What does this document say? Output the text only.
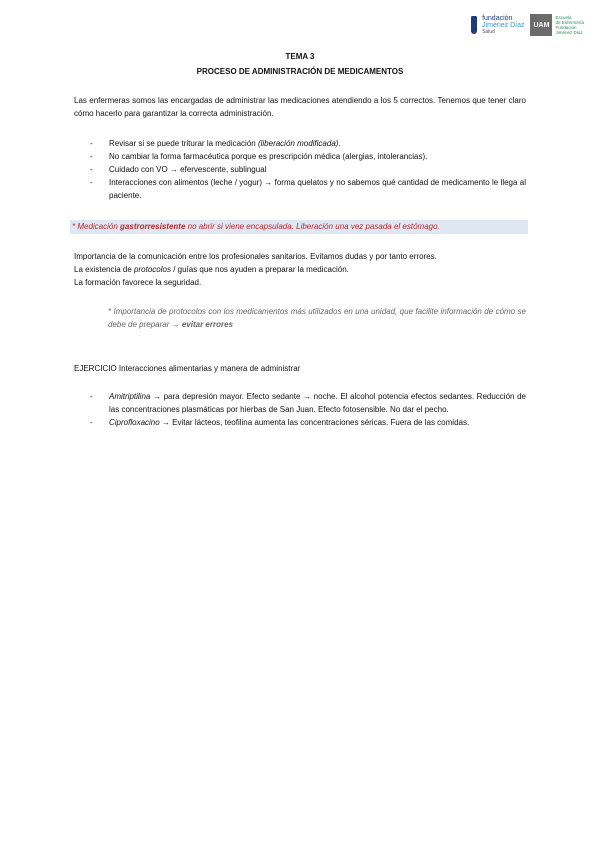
fundación
Jiménez Díaz
Salud
UAM
Escuela
de Enfermería
Fundación
Jiménez Díaz
TEMA 3
PROCESO DE ADMINISTRACIÓN DE MEDICAMENTOS
Las enfermeras somos las encargadas de administrar las medicaciones atendiendo a los 5 correctos. Tenemos que tener claro cómo hacerlo para garantizar la correcta administración.
- Revisar si se puede triturar la medicación (liberación modificada).
- No cambiar la forma farmacéutica porque es prescripción médica (alergias, intolerancias).
- Cuidado con VO → efervescente, sublingual
- Interacciones con alimentos (leche / yogur) → forma quelatos y no sabemos qué cantidad de medicamento le llega al paciente.
* Medicación gastrorresistente no abrir si viene encapsulada. Liberación una vez pasada el estómago.
Importancia de la comunicación entre los profesionales sanitarios. Evitamos dudas y por tanto errores.
La existencia de protocolos / guías que nos ayuden a preparar la medicación.
La formación favorece la seguridad.
* Importancia de protocolos con los medicamentos más utilizados en una unidad, que facilite información de cómo se debe de preparar → evitar errores
EJERCICIO Interacciones alimentarias y manera de administrar
- Amitriptilina → para depresión mayor. Efecto sedante → noche. El alcohol potencia efectos sedantes. Reducción de las concentraciones plasmáticas por hierbas de San Juan. Efecto fotosensible. No dar el pecho.
- Ciprofloxacino → Evitar lácteos, teofilina aumenta las concentraciones séricas. Fuera de las comidas.
